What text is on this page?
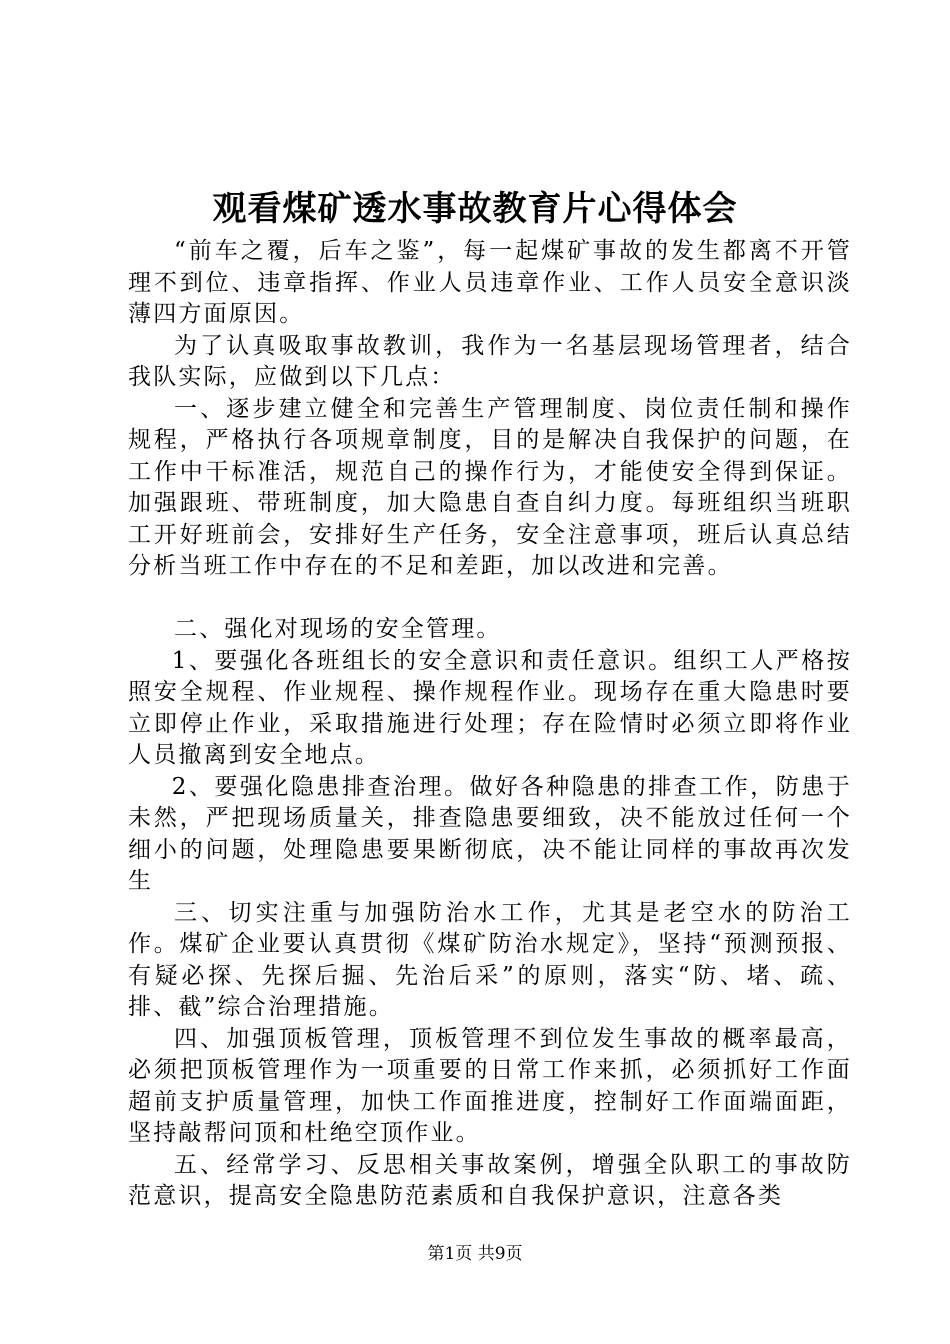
观看煤矿透水事故教育片心得体会

“前车之覆，后车之鉴”，每一起煤矿事故的发生都离不开管理不到位、违章指挥、作业人员违章作业、工作人员安全意识淡薄四方面原因。

为了认真吸取事故教训，我作为一名基层现场管理者，结合我队实际，应做到以下几点：

一、逐步建立健全和完善生产管理制度、岗位责任制和操作规程，严格执行各项规章制度，目的是解决自我保护的问题，在工作中干标准活，规范自己的操作行为，才能使安全得到保证。加强跟班、带班制度，加大隐患自查自纠力度。每班组织当班职工开好班前会，安排好生产任务，安全注意事项，班后认真总结分析当班工作中存在的不足和差距，加以改进和完善。

二、强化对现场的安全管理。

1、要强化各班组长的安全意识和责任意识。组织工人严格按照安全规程、作业规程、操作规程作业。现场存在重大隐患时要立即停止作业，采取措施进行处理；存在险情时必须立即将作业人员撤离到安全地点。

2、要强化隐患排查治理。做好各种隐患的排查工作，防患于未然，严把现场质量关，排查隐患要细致，决不能放过任何一个细小的问题，处理隐患要果断彻底，决不能让同样的事故再次发生

三、切实注重与加强防治水工作，尤其是老空水的防治工作。煤矿企业要认真贯彻《煤矿防治水规定》，坚持“预测预报、有疑必探、先探后掘、先治后采”的原则，落实“防、堵、疏、排、截”综合治理措施。

四、加强顶板管理，顶板管理不到位发生事故的概率最高，必须把顶板管理作为一项重要的日常工作来抓，必须抓好工作面超前支护质量管理，加快工作面推进度，控制好工作面端面距，坚持敲帮问顶和杜绝空顶作业。

五、经常学习、反思相关事故案例，增强全队职工的事故防范意识，提高安全隐患防范素质和自我保护意识，注意各类

第1页 共9页
